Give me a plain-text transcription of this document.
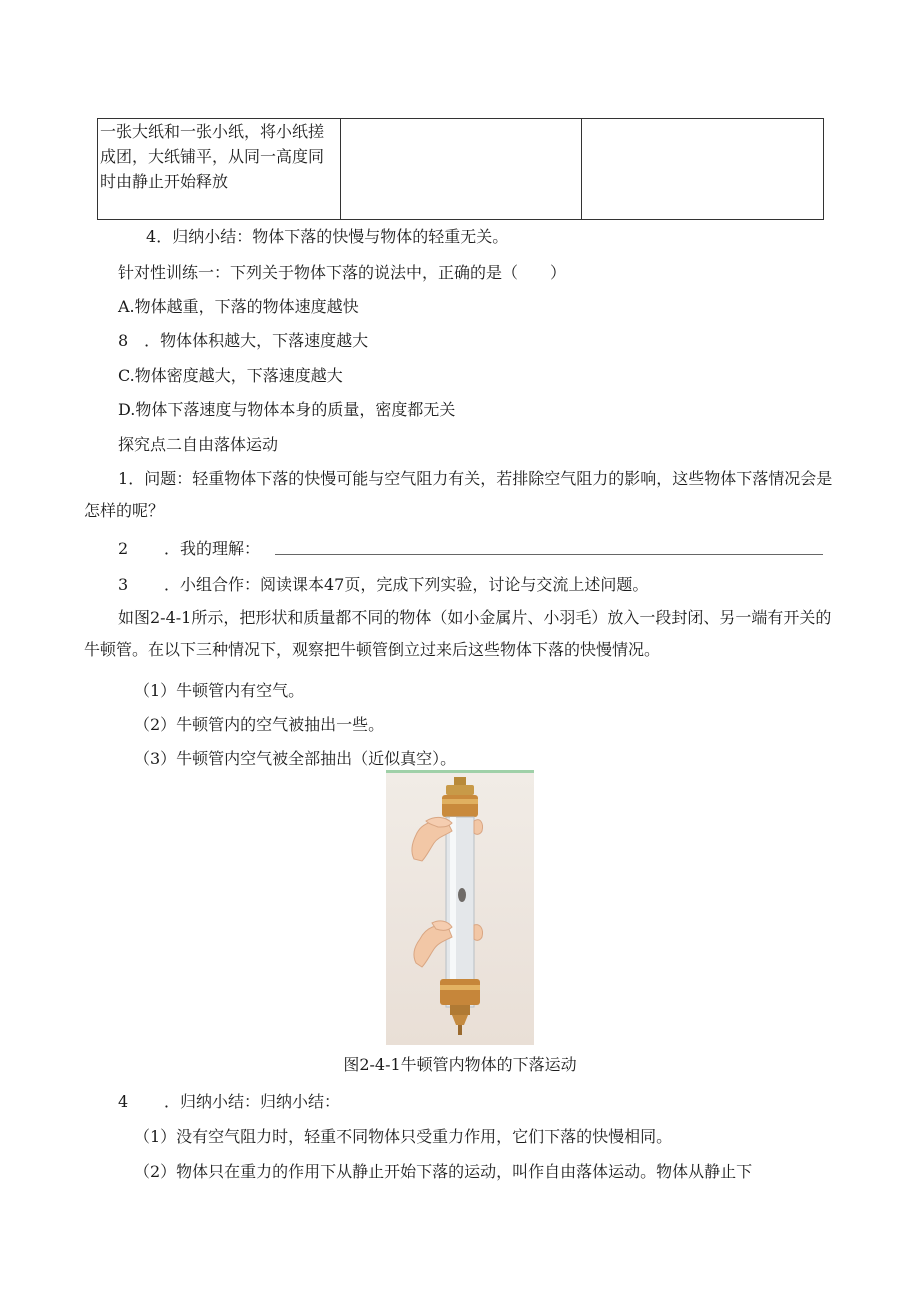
一张大纸和一张小纸，将小纸搓成团，大纸铺平，从同一高度同时由静止开始释放		
4．归纳小结：物体下落的快慢与物体的轻重无关。
针对性训练一：下列关于物体下落的说法中，正确的是（　　）
A.物体越重，下落的物体速度越快
8　．物体体积越大，下落速度越大
C.物体密度越大，下落速度越大
D.物体下落速度与物体本身的质量，密度都无关
探究点二自由落体运动
1．问题：轻重物体下落的快慢可能与空气阻力有关，若排除空气阻力的影响，这些物体下落情况会是怎样的呢？
2 ．我的理解：
3 ．小组合作：阅读课本47页，完成下列实验，讨论与交流上述问题。
如图2-4-1所示，把形状和质量都不同的物体（如小金属片、小羽毛）放入一段封闭、另一端有开关的牛顿管。在以下三种情况下，观察把牛顿管倒立过来后这些物体下落的快慢情况。
（1）牛顿管内有空气。
（2）牛顿管内的空气被抽出一些。
（3）牛顿管内空气被全部抽出（近似真空）。
图2-4-1牛顿管内物体的下落运动
4 ．归纳小结：归纳小结：
（1）没有空气阻力时，轻重不同物体只受重力作用，它们下落的快慢相同。
（2）物体只在重力的作用下从静止开始下落的运动，叫作自由落体运动。物体从静止下
